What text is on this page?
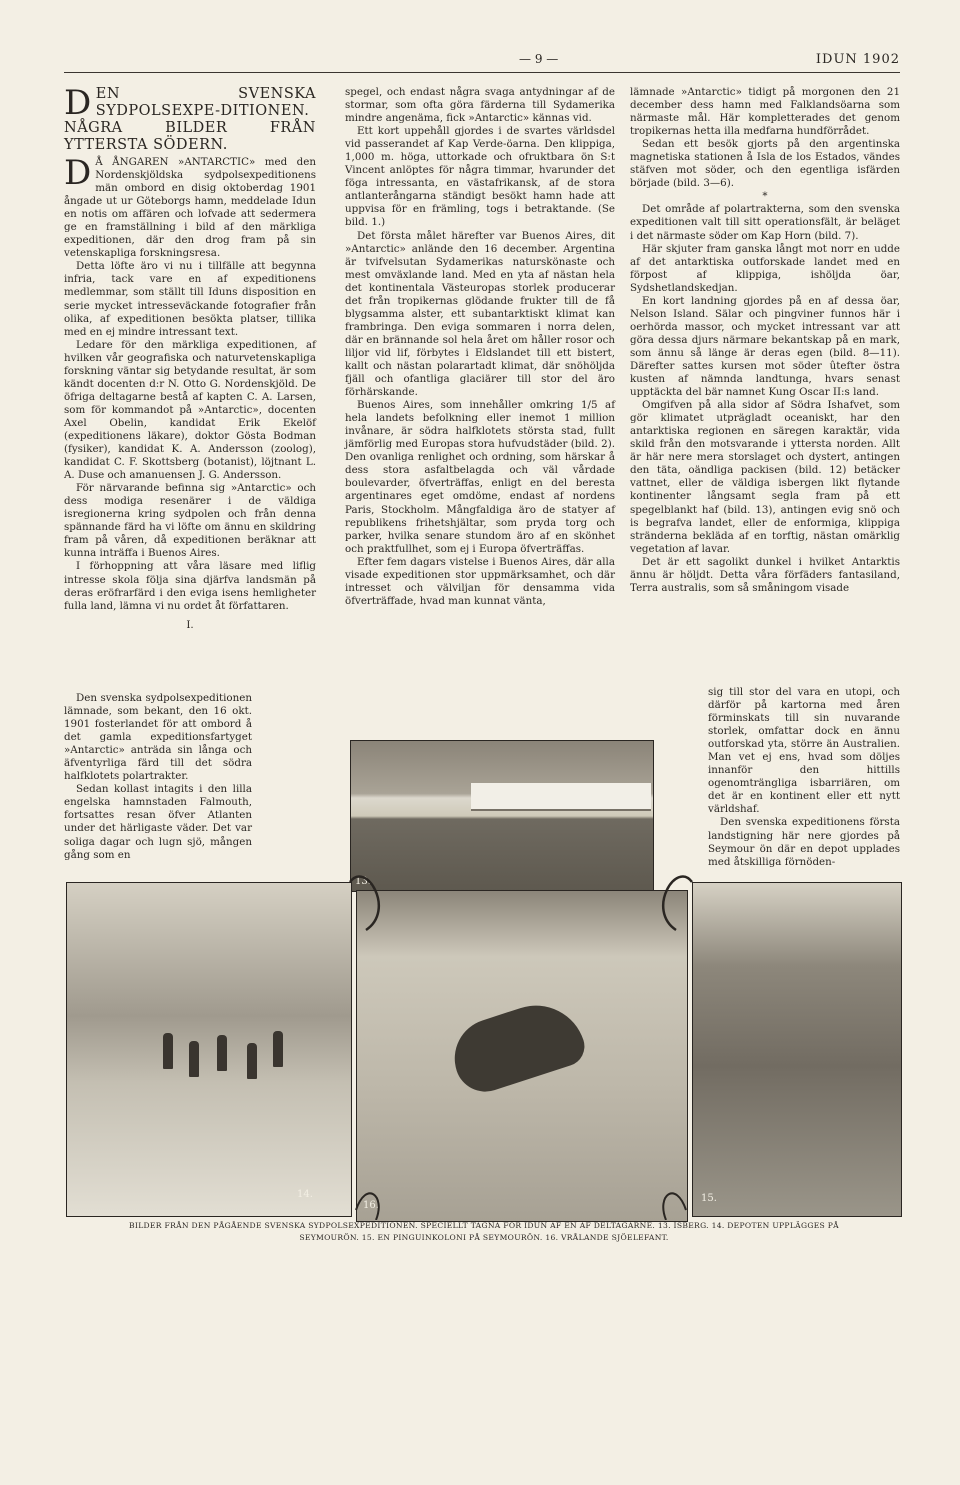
— 9 —	IDUN 1902
DEN SVENSKA SYDPOLSEXPE-DITIONEN. NÅGRA BILDER FRÅN YTTERSTA SÖDERN.

D Å ÅNGAREN »ANTARCTIC» med den Nordenskjöldska sydpolsexpeditionens män ombord en disig oktoberdag 1901 ångade ut ur Göteborgs hamn, meddelade Idun en notis om affären och lofvade att sedermera ge en framställning i bild af den märkliga expeditionen, där den drog fram på sin vetenskapliga forskningsresa.

Detta löfte äro vi nu i tillfälle att begynna infria, tack vare en af expeditionens medlemmar, som ställt till Iduns disposition en serie mycket intresseväckande fotografier från olika, af expeditionen besökta platser, tillika med en ej mindre intressant text.

Ledare för den märkliga expeditionen, af hvilken vår geografiska och naturvetenskapliga forskning väntar sig betydande resultat, är som kändt docenten d:r N. Otto G. Nordenskjöld. De öfriga deltagarne bestå af kapten C. A. Larsen, som för kommandot på »Antarctic», docenten Axel Obelin, kandidat Erik Ekelöf (expeditionens läkare), doktor Gösta Bodman (fysiker), kandidat K. A. Andersson (zoolog), kandidat C. F. Skottsberg (botanist), löjtnant L. A. Duse och amanuensen J. G. Andersson.

För närvarande befinna sig »Antarctic» och dess modiga resenärer i de väldiga isregionerna kring sydpolen och från denna spännande färd ha vi löfte om ännu en skildring fram på våren, då expeditionen beräknar att kunna inträffa i Buenos Aires.

I förhoppning att våra läsare med liflig intresse skola följa sina djärfva landsmän på deras eröfrarfärd i den eviga isens hemligheter fulla land, lämna vi nu ordet åt författaren.

I.

Den svenska sydpolsexpeditionen lämnade, som bekant, den 16 okt. 1901 fosterlandet för att ombord å det gamla expeditionsfartyget »Antarctic» anträda sin långa och äfventyrliga färd till det södra halfklotets polartrakter.

Sedan kollast intagits i den lilla engelska hamnstaden Falmouth, fortsattes resan öfver Atlanten under det härligaste väder. Det var soliga dagar och lugn sjö, mången gång som en

spegel, och endast några svaga antydningar af de stormar, som ofta göra färderna till Sydamerika mindre angenäma, fick »Antarctic» kännas vid.

Ett kort uppehåll gjordes i de svartes världsdel vid passerandet af Kap Verde-öarna. Den klippiga, 1,000 m. höga, uttorkade och ofruktbara ön S:t Vincent anlöptes för några timmar, hvarunder det föga intressanta, en västafrikansk, af de stora antlanterångarna ständigt besökt hamn hade att uppvisa för en främling, togs i betraktande. (Se bild. 1.)

Det första målet härefter var Buenos Aires, dit »Antarctic» anlände den 16 december. Argentina är tvifvelsutan Sydamerikas naturskönaste och mest omväxlande land. Med en yta af nästan hela det kontinentala Västeuropas storlek producerar det från tropikernas glödande frukter till de få blygsamma alster, ett subantarktiskt klimat kan frambringa. Den eviga sommaren i norra delen, där en brännande sol hela året om håller rosor och liljor vid lif, förbytes i Eldslandet till ett bistert, kallt och nästan polarartadt klimat, där snöhöljda fjäll och ofantliga glaciärer till stor del äro förhärskande.

Buenos Aires, som innehåller omkring 1/5 af hela landets befolkning eller inemot 1 million invånare, är södra halfklotets största stad, fullt jämförlig med Europas stora hufvudstäder (bild. 2). Den ovanliga renlighet och ordning, som härskar å dess stora asfaltbelagda och väl vårdade boulevarder, öfverträffas, enligt en del beresta argentinares eget omdöme, endast af nordens Paris, Stockholm. Mångfaldiga äro de statyer af republikens frihetshjältar, som pryda torg och parker, hvilka senare stundom äro af en skönhet och praktfullhet, som ej i Europa öfverträffas.

Efter fem dagars vistelse i Buenos Aires, där alla visade expeditionen stor uppmärksamhet, och där intresset och välviljan för densamma vida öfverträffade, hvad man kunnat vänta,

lämnade »Antarctic» tidigt på morgonen den 21 december dess hamn med Falklandsöarna som närmaste mål. Här kompletterades det genom tropikernas hetta illa medfarna hundförrådet.

Sedan ett besök gjorts på den argentinska magnetiska stationen å Isla de los Estados, vändes stäfven mot söder, och den egentliga isfärden började (bild. 3—6).

*

Det område af polartrakterna, som den svenska expeditionen valt till sitt operationsfält, är beläget i det närmaste söder om Kap Horn (bild. 7).

Här skjuter fram ganska långt mot norr en udde af det antarktiska outforskade landet med en förpost af klippiga, ishöljda öar, Sydshetlandskedjan.

En kort landning gjordes på en af dessa öar, Nelson Island. Sälar och pingviner funnos här i oerhörda massor, och mycket intressant var att göra dessa djurs närmare bekantskap på en mark, som ännu så länge är deras egen (bild. 8—11). Därefter sattes kursen mot söder ûtefter östra kusten af nämnda landtunga, hvars senast upptäckta del bär namnet Kung Oscar II:s land.

Omgifven på alla sidor af Södra Ishafvet, som gör klimatet utprägladt oceaniskt, har den antarktiska regionen en säregen karaktär, vida skild från den motsvarande i yttersta norden. Allt är här nere mera storslaget och dystert, antingen den täta, oändliga packisen (bild. 12) betäcker vattnet, eller de väldiga isbergen likt flytande kontinenter långsamt segla fram på ett spegelblankt haf (bild. 13), antingen evig snö och is begrafva landet, eller de enformiga, klippiga stränderna bekläda af en torftig, nästan omärklig vegetation af lavar.

Det är ett sagolikt dunkel i hvilket Antarktis ännu är höljdt. Detta våra förfäders fantasiland, Terra australis, som så småningom visade

sig till stor del vara en utopi, och därför på kartorna med åren förminskats till sin nuvarande storlek, omfattar dock en ännu outforskad yta, större än Australien. Man vet ej ens, hvad som döljes innanför den hittills ogenomträngliga isbarriären, om det är en kontinent eller ett nytt världshaf.

Den svenska expeditionens första landstigning här nere gjordes på Seymour ön där en depot upplades med åtskilliga förnöden-

13.
14.
16.
15.
BILDER FRÅN DEN PÅGÅENDE SVENSKA SYDPOLSEXPEDITIONEN. SPECIELLT TAGNA FÖR IDUN AF EN AF DELTAGARNE. 13. ISBERG. 14. DEPOTEN UPPLÄGGES PÅ
SEYMOURÖN. 15. EN PINGUINKOLONI PÅ SEYMOURÖN. 16. VRÅLANDE SJÖELEFANT.
